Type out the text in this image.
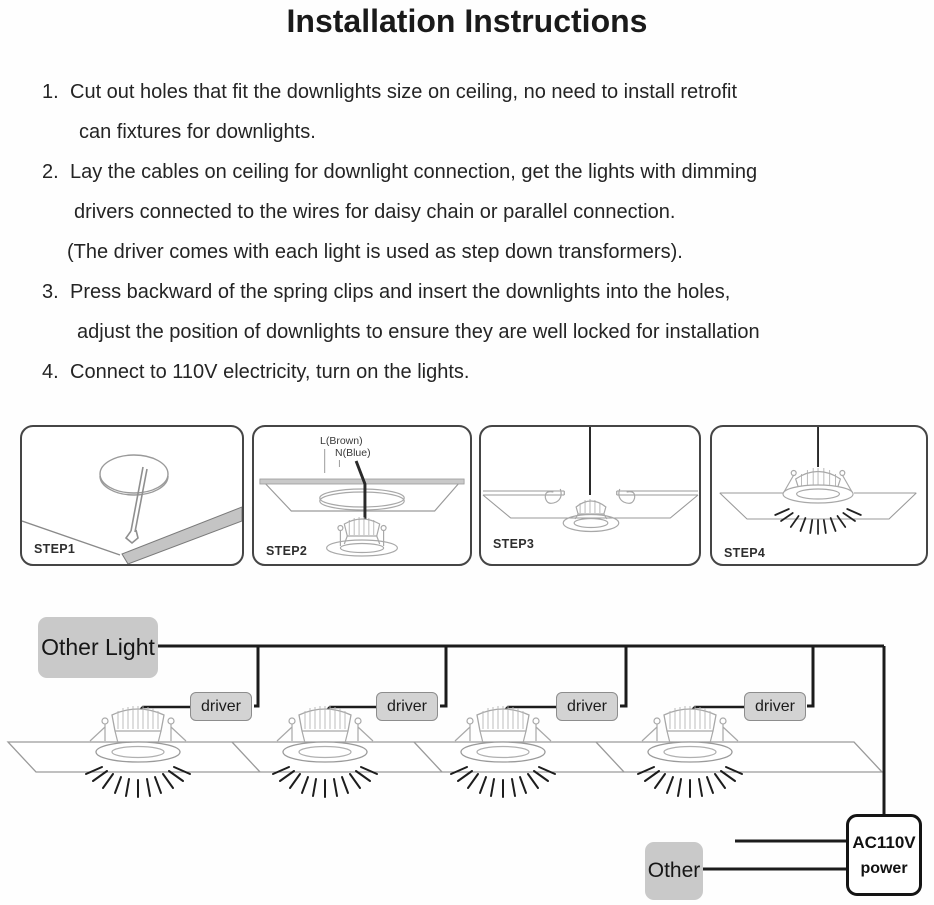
Installation Instructions
1. Cut out holes that fit the downlights size on ceiling, no need to install retrofit
can fixtures for downlights.
2. Lay the cables on ceiling for downlight connection, get the lights with dimming
drivers connected to the wires for daisy chain or parallel connection.
(The driver comes with each light is used as step down transformers).
3. Press backward of the spring clips and insert the downlights into the holes,
adjust the position of downlights to ensure they are well locked for installation
4. Connect to 110V electricity, turn on the lights.
STEP1
L(Brown)
N(Blue)
STEP2	STEP3
STEP4
Other Light
driver	driver	driver	driver
Other
AC110V
power
